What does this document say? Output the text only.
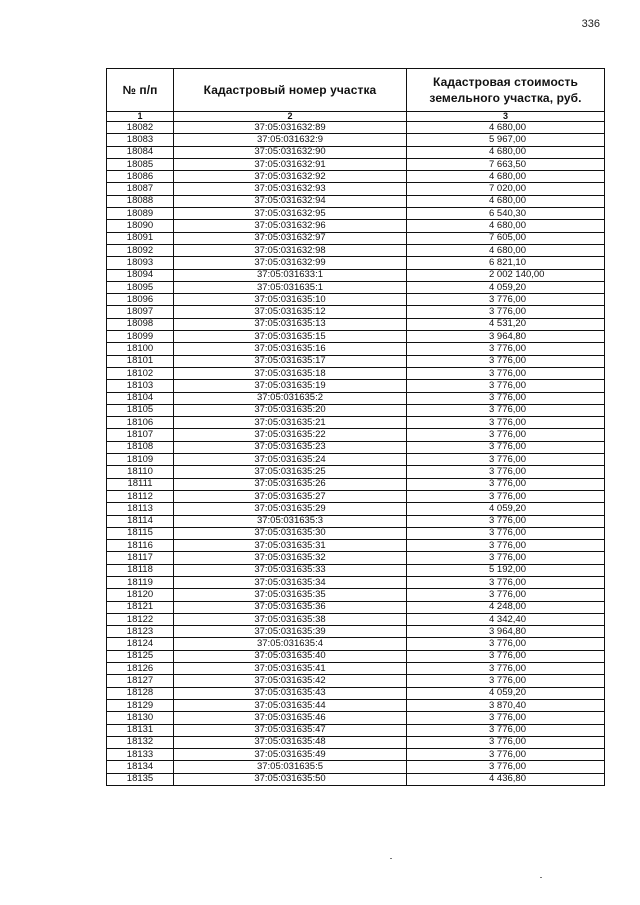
336
№ п/п	Кадастровый номер участка	Кадастровая стоимость земельного участка, руб.
1	2	3
18082	37:05:031632:89	4 680,00
18083	37:05:031632:9	5 967,00
18084	37:05:031632:90	4 680,00
18085	37:05:031632:91	7 663,50
18086	37:05:031632:92	4 680,00
18087	37:05:031632:93	7 020,00
18088	37:05:031632:94	4 680,00
18089	37:05:031632:95	6 540,30
18090	37:05:031632:96	4 680,00
18091	37:05:031632:97	7 605,00
18092	37:05:031632:98	4 680,00
18093	37:05:031632:99	6 821,10
18094	37:05:031633:1	2 002 140,00
18095	37:05:031635:1	4 059,20
18096	37:05:031635:10	3 776,00
18097	37:05:031635:12	3 776,00
18098	37:05:031635:13	4 531,20
18099	37:05:031635:15	3 964,80
18100	37:05:031635:16	3 776,00
18101	37:05:031635:17	3 776,00
18102	37:05:031635:18	3 776,00
18103	37:05:031635:19	3 776,00
18104	37:05:031635:2	3 776,00
18105	37:05:031635:20	3 776,00
18106	37:05:031635:21	3 776,00
18107	37:05:031635:22	3 776,00
18108	37:05:031635:23	3 776,00
18109	37:05:031635:24	3 776,00
18110	37:05:031635:25	3 776,00
18111	37:05:031635:26	3 776,00
18112	37:05:031635:27	3 776,00
18113	37:05:031635:29	4 059,20
18114	37:05:031635:3	3 776,00
18115	37:05:031635:30	3 776,00
18116	37:05:031635:31	3 776,00
18117	37:05:031635:32	3 776,00
18118	37:05:031635:33	5 192,00
18119	37:05:031635:34	3 776,00
18120	37:05:031635:35	3 776,00
18121	37:05:031635:36	4 248,00
18122	37:05:031635:38	4 342,40
18123	37:05:031635:39	3 964,80
18124	37:05:031635:4	3 776,00
18125	37:05:031635:40	3 776,00
18126	37:05:031635:41	3 776,00
18127	37:05:031635:42	3 776,00
18128	37:05:031635:43	4 059,20
18129	37:05:031635:44	3 870,40
18130	37:05:031635:46	3 776,00
18131	37:05:031635:47	3 776,00
18132	37:05:031635:48	3 776,00
18133	37:05:031635:49	3 776,00
18134	37:05:031635:5	3 776,00
18135	37:05:031635:50	4 436,80
